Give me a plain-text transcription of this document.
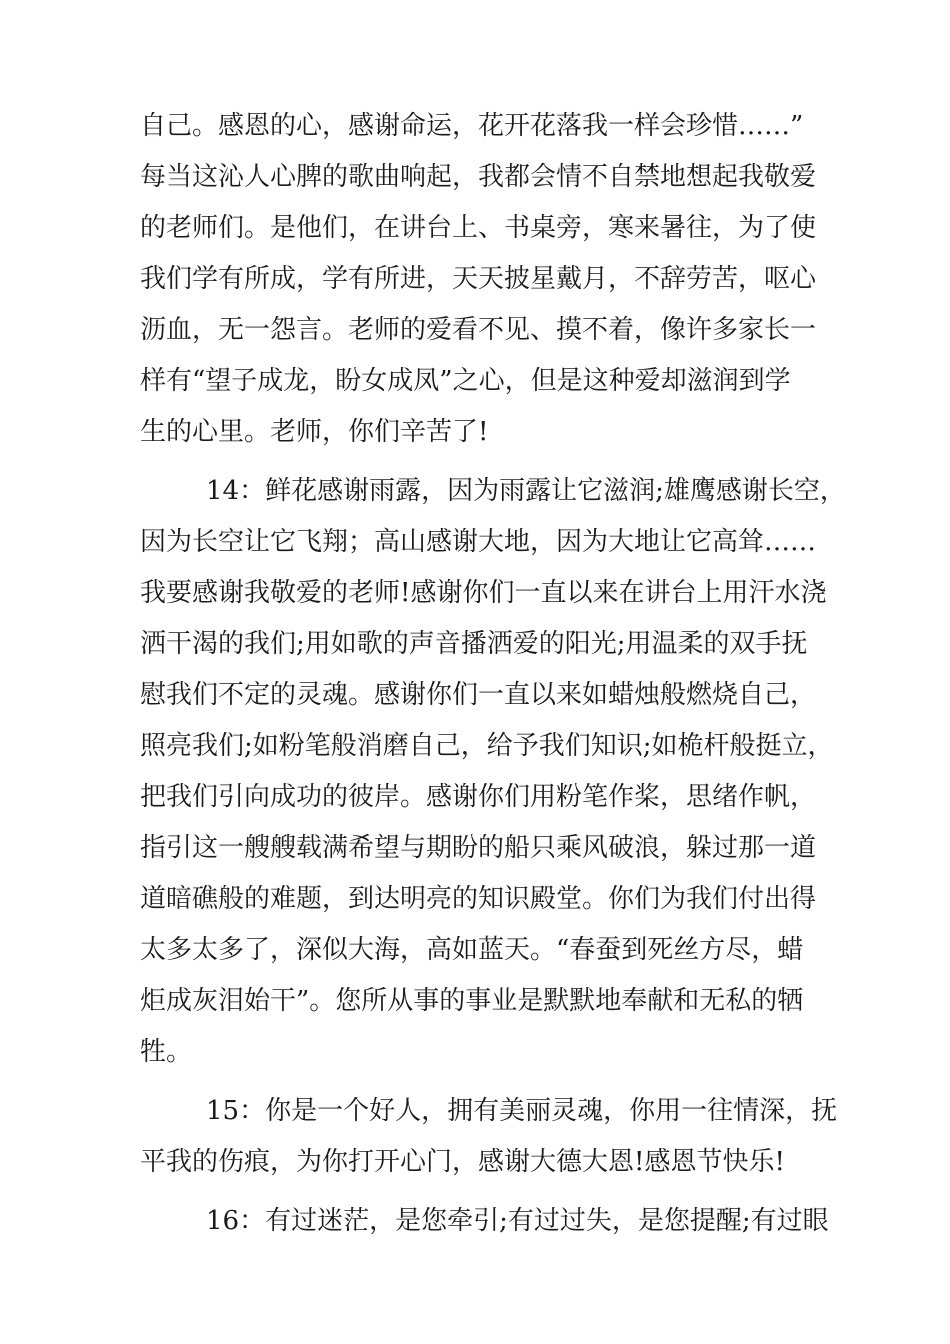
自己。感恩的心，感谢命运，花开花落我一样会珍惜……”
每当这沁人心脾的歌曲响起，我都会情不自禁地想起我敬爱
的老师们。是他们，在讲台上、书桌旁，寒来暑往，为了使
我们学有所成，学有所进，天天披星戴月，不辞劳苦，呕心
沥血，无一怨言。老师的爱看不见、摸不着，像许多家长一
样有“望子成龙，盼女成凤”之心，但是这种爱却滋润到学
生的心里。老师，你们辛苦了!
14：鲜花感谢雨露，因为雨露让它滋润;雄鹰感谢长空，
因为长空让它飞翔；高山感谢大地，因为大地让它高耸……
我要感谢我敬爱的老师!感谢你们一直以来在讲台上用汗水浇
洒干渴的我们;用如歌的声音播洒爱的阳光;用温柔的双手抚
慰我们不定的灵魂。感谢你们一直以来如蜡烛般燃烧自己，
照亮我们;如粉笔般消磨自己，给予我们知识;如桅杆般挺立，
把我们引向成功的彼岸。感谢你们用粉笔作桨，思绪作帆，
指引这一艘艘载满希望与期盼的船只乘风破浪，躲过那一道
道暗礁般的难题，到达明亮的知识殿堂。你们为我们付出得
太多太多了，深似大海，高如蓝天。“春蚕到死丝方尽，蜡
炬成灰泪始干”。您所从事的事业是默默地奉献和无私的牺
牲。
15：你是一个好人，拥有美丽灵魂，你用一往情深，抚
平我的伤痕，为你打开心门，感谢大德大恩!感恩节快乐!
16：有过迷茫，是您牵引;有过过失，是您提醒;有过眼
